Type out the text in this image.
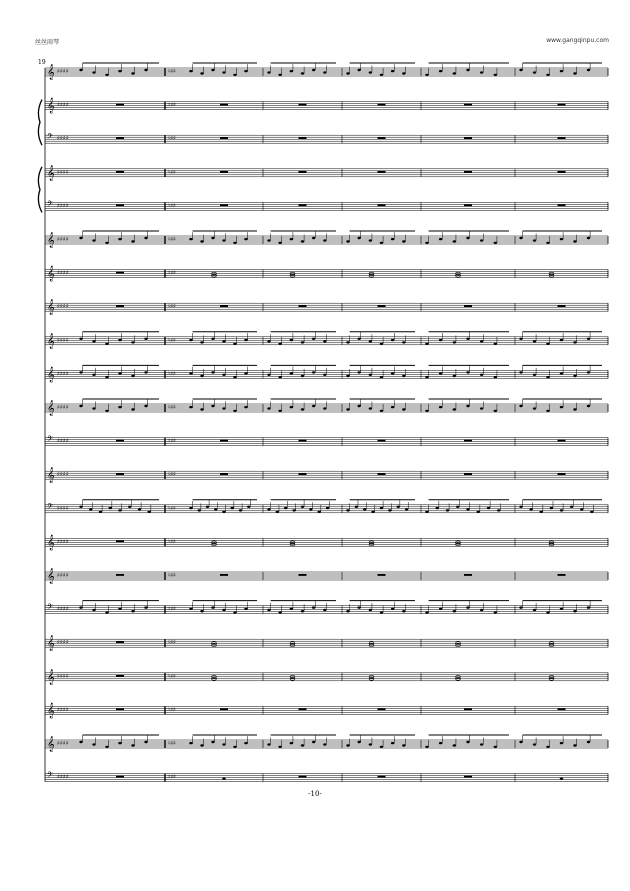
丝丝雨琴	www.gangqinpu.com
19
𝄞 ♯♯♯♯	♮♯♯
𝄞 ♯♯♯♯	♮♯♯
𝄢 ♯♯♯♯	♮♯♯
𝄞 ♯♯♯♯	♮♯♯
𝄢 ♯♯♯♯	♮♯♯
𝄞 ♯♯♯♯	♮♯♯
𝄞 ♯♯♯♯	♮♯♯
𝄞 ♯♯♯♯	♮♯♯
𝄞 ♯♯♯♯	♮♯♯
𝄞 ♯♯♯♯	♮♯♯
𝄞 ♯♯♯♯	♮♯♯
𝄢 ♯♯♯♯	♮♯♯
𝄞 ♯♯♯♯	♮♯♯
𝄢 ♯♯♯♯	♮♯♯
𝄞 ♯♯♯♯	♮♯♯
𝄞 ♯♯♯♯	♮♯♯
𝄢 ♯♯♯♯	♮♯♯
𝄞 ♯♯♯♯	♮♯♯
𝄞 ♯♯♯♯	♮♯♯
𝄞 ♯♯♯♯	♮♯♯
𝄞 ♯♯♯♯	♮♯♯
𝄢 ♯♯♯♯	♮♯♯
-10-
